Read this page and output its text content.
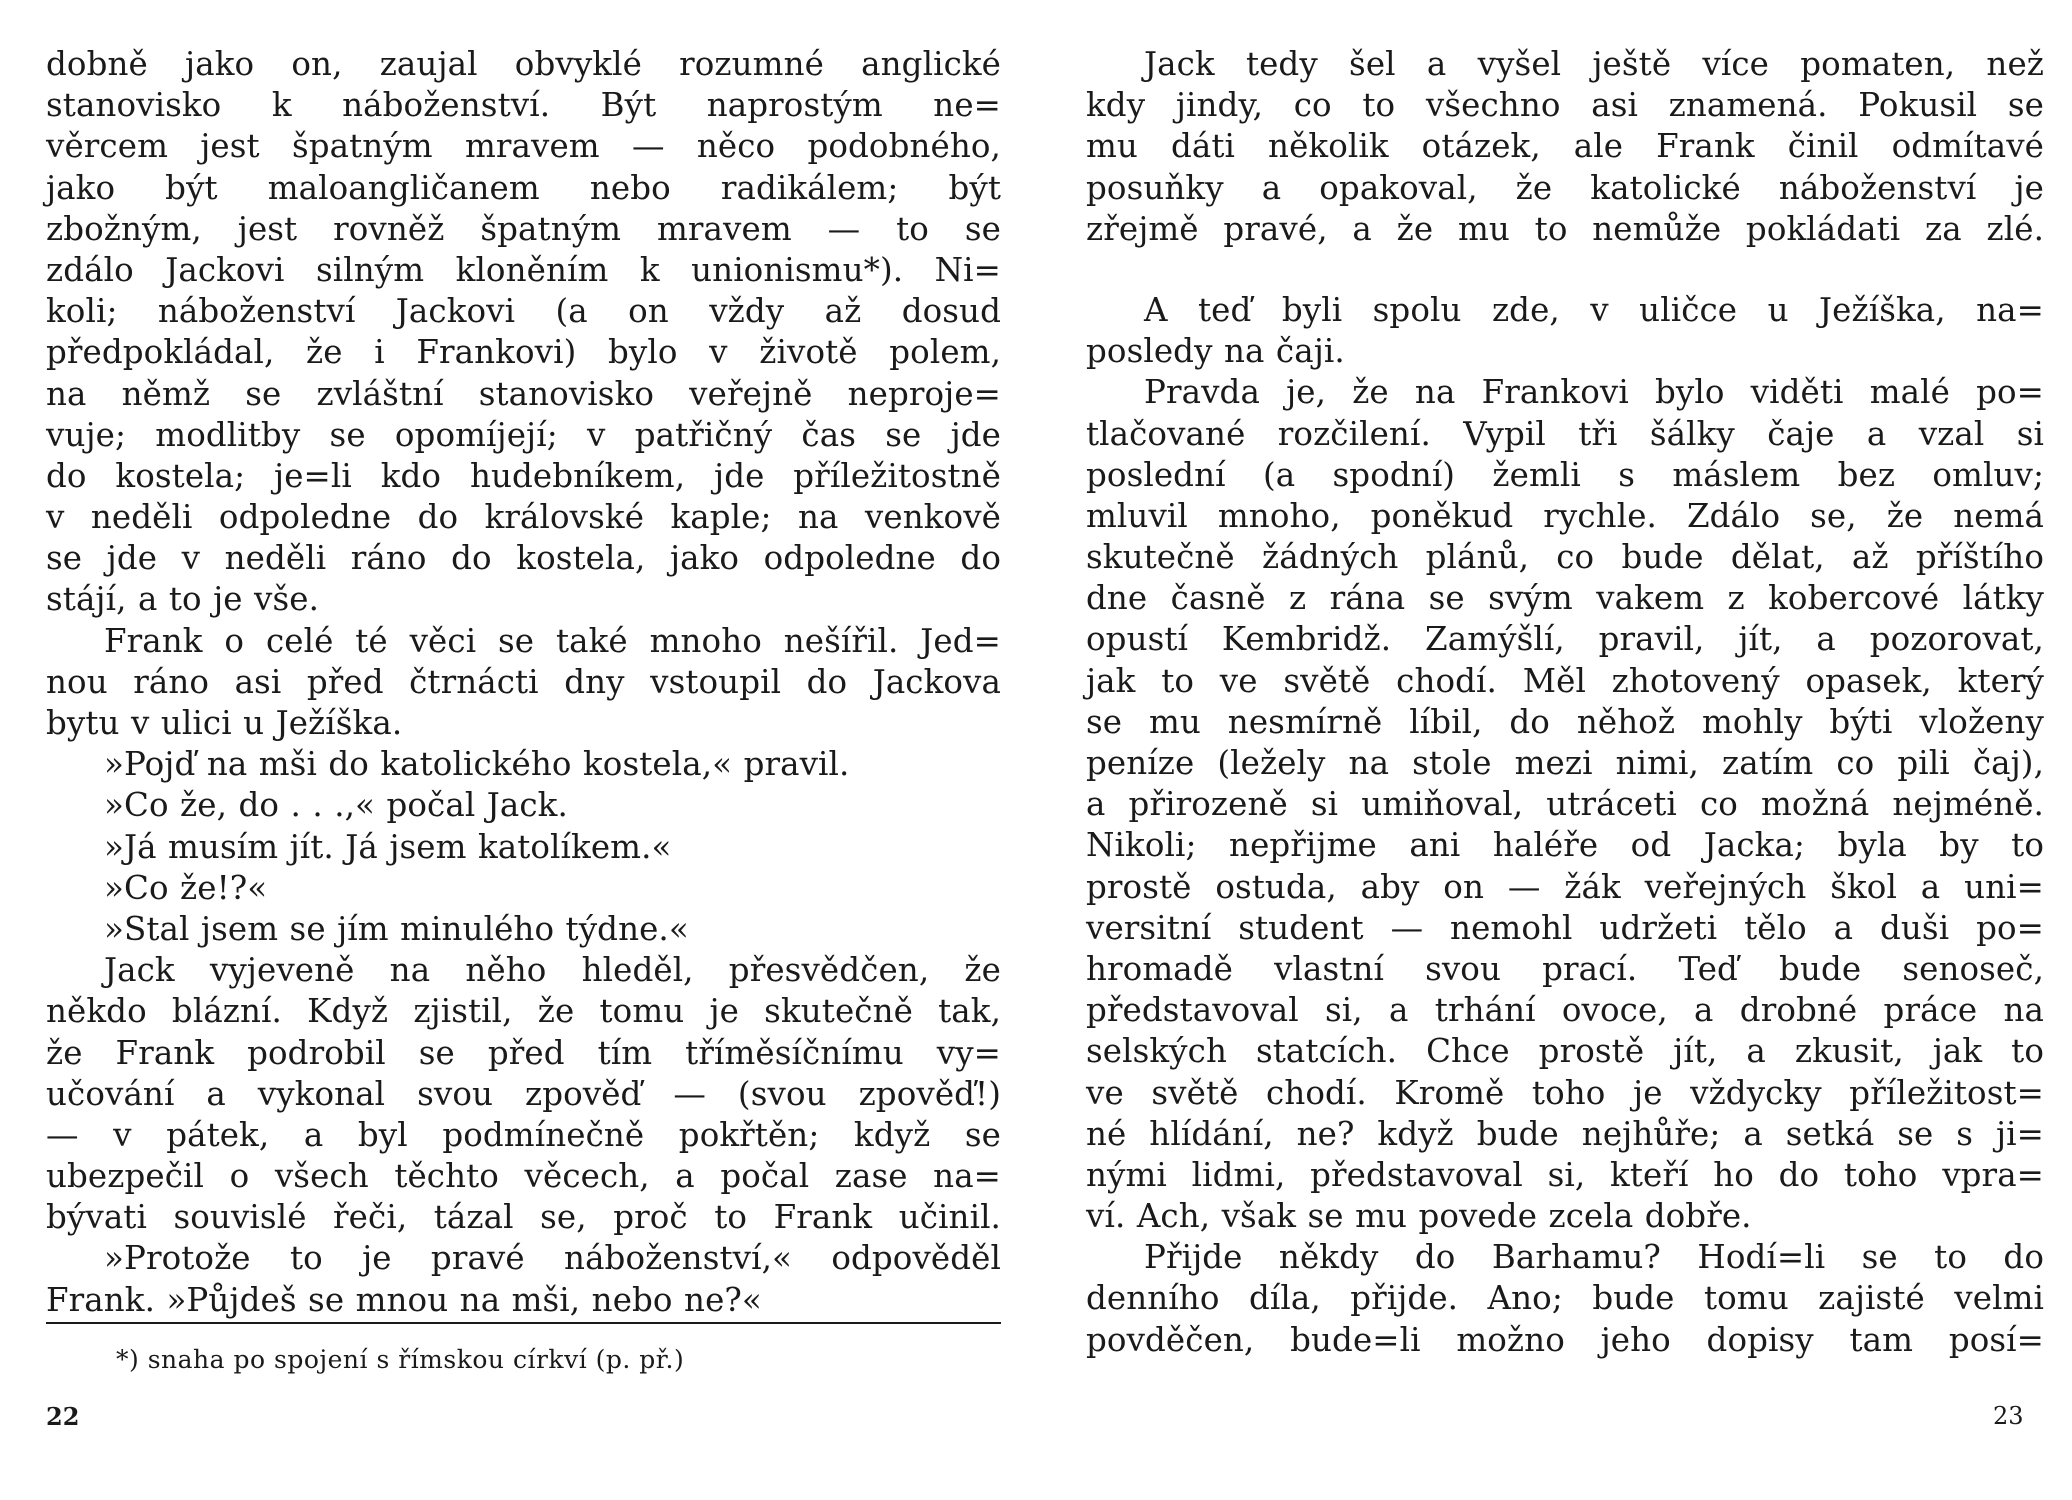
dobně jako on, zaujal obvyklé rozumné anglické
stanovisko k náboženství. Být naprostým ne=
věrcem jest špatným mravem — něco podobného,
jako být maloangličanem nebo radikálem; být
zbožným, jest rovněž špatným mravem — to se
zdálo Jackovi silným kloněním k unionismu*). Ni=
koli; náboženství Jackovi (a on vždy až dosud
předpokládal, že i Frankovi) bylo v životě polem,
na němž se zvláštní stanovisko veřejně neproje=
vuje; modlitby se opomíjejí; v patřičný čas se jde
do kostela; je=li kdo hudebníkem, jde příležitostně
v neděli odpoledne do královské kaple; na venkově
se jde v neděli ráno do kostela, jako odpoledne do
stájí, a to je vše.
Frank o celé té věci se také mnoho nešířil. Jed=
nou ráno asi před čtrnácti dny vstoupil do Jackova
bytu v ulici u Ježíška.
»Pojď na mši do katolického kostela,« pravil.
»Co že, do . . .,« počal Jack.
»Já musím jít. Já jsem katolíkem.«
»Co že!?«
»Stal jsem se jím minulého týdne.«
Jack vyjeveně na něho hleděl, přesvědčen, že
někdo blázní. Když zjistil, že tomu je skutečně tak,
že Frank podrobil se před tím tříměsíčnímu vy=
učování a vykonal svou zpověď — (svou zpověď!)
— v pátek, a byl podmínečně pokřtěn; když se
ubezpečil o všech těchto věcech, a počal zase na=
bývati souvislé řeči, tázal se, proč to Frank učinil.
»Protože to je pravé náboženství,« odpověděl
Frank. »Půjdeš se mnou na mši, nebo ne?«
*) snaha po spojení s římskou církví (p. př.)
22
Jack tedy šel a vyšel ještě více pomaten, než
kdy jindy, co to všechno asi znamená. Pokusil se
mu dáti několik otázek, ale Frank činil odmítavé
posuňky a opakoval, že katolické náboženství je
zřejmě pravé, a že mu to nemůže pokládati za zlé.
A teď byli spolu zde, v uličce u Ježíška, na=
posledy na čaji.
Pravda je, že na Frankovi bylo viděti malé po=
tlačované rozčilení. Vypil tři šálky čaje a vzal si
poslední (a spodní) žemli s máslem bez omluv;
mluvil mnoho, poněkud rychle. Zdálo se, že nemá
skutečně žádných plánů, co bude dělat, až příštího
dne časně z rána se svým vakem z kobercové látky
opustí Kembridž. Zamýšlí, pravil, jít, a pozorovat,
jak to ve světě chodí. Měl zhotovený opasek, který
se mu nesmírně líbil, do něhož mohly býti vloženy
peníze (ležely na stole mezi nimi, zatím co pili čaj),
a přirozeně si umiňoval, utráceti co možná nejméně.
Nikoli; nepřijme ani haléře od Jacka; byla by to
prostě ostuda, aby on — žák veřejných škol a uni=
versitní student — nemohl udržeti tělo a duši po=
hromadě vlastní svou prací. Teď bude senoseč,
představoval si, a trhání ovoce, a drobné práce na
selských statcích. Chce prostě jít, a zkusit, jak to
ve světě chodí. Kromě toho je vždycky příležitost=
né hlídání, ne? když bude nejhůře; a setká se s ji=
nými lidmi, představoval si, kteří ho do toho vpra=
ví. Ach, však se mu povede zcela dobře.
Přijde někdy do Barhamu? Hodí=li se to do
denního díla, přijde. Ano; bude tomu zajisté velmi
povděčen, bude=li možno jeho dopisy tam posí=
23
